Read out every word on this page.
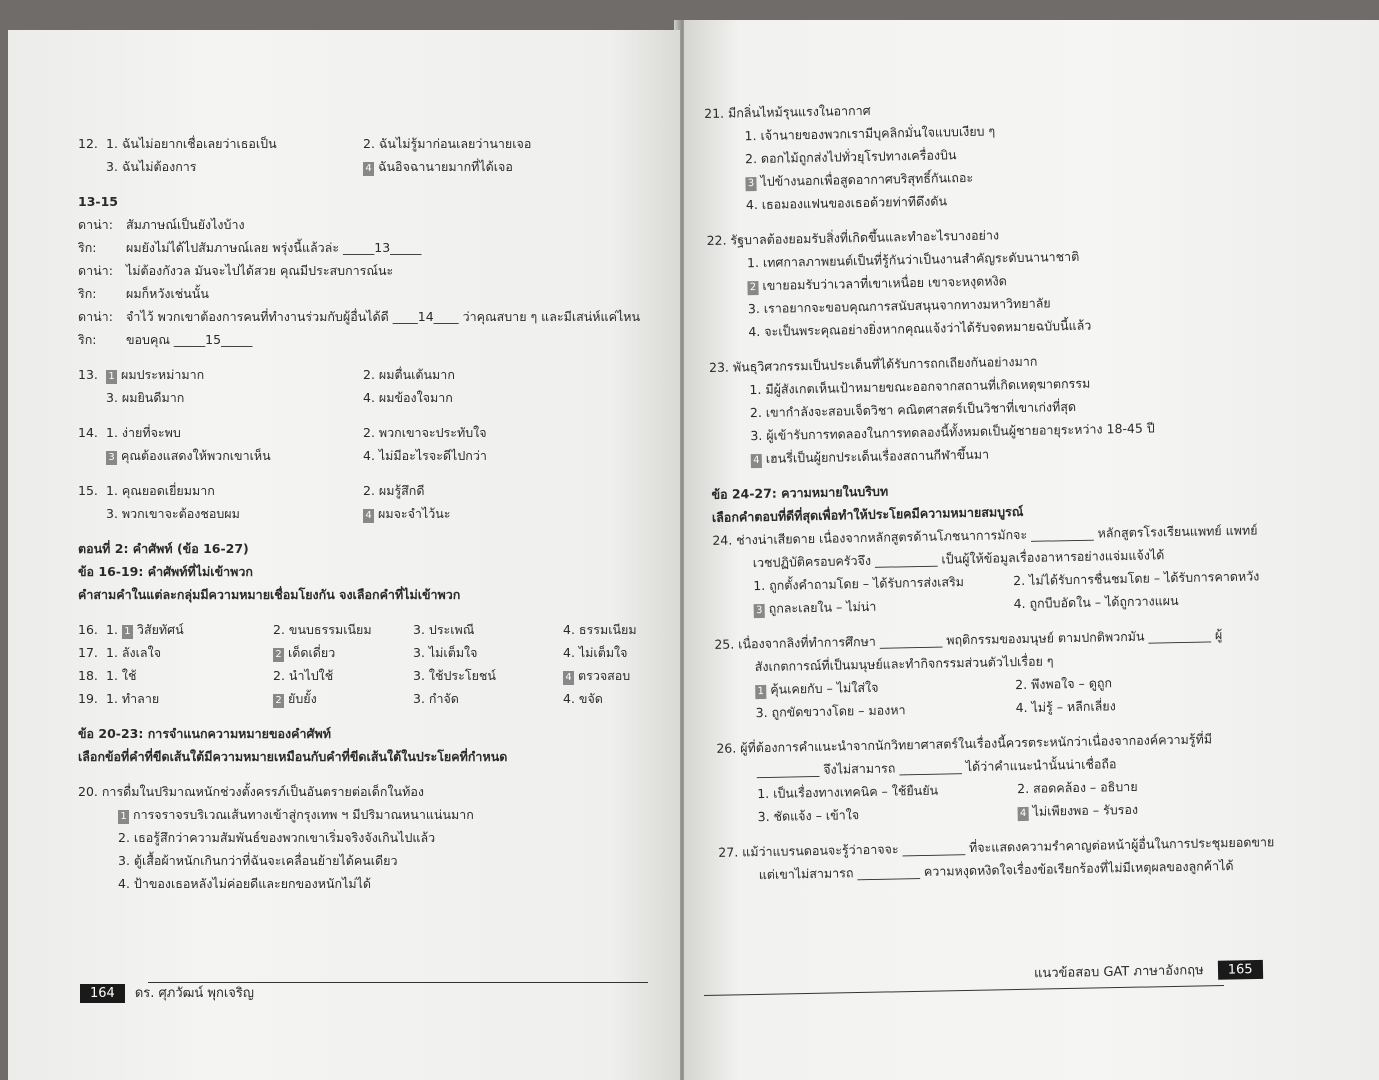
12. 1. ฉันไม่อยากเชื่อเลยว่าเธอเป็น	2. ฉันไม่รู้มาก่อนเลยว่านายเจอ
3. ฉันไม่ต้องการ	4 ฉันอิจฉานายมากที่ได้เจอ
13-15
ดาน่า: สัมภาษณ์เป็นยังไงบ้าง
ริก: ผมยังไม่ได้ไปสัมภาษณ์เลย พรุ่งนี้แล้วล่ะ _____13_____
ดาน่า: ไม่ต้องกังวล มันจะไปได้สวย คุณมีประสบการณ์นะ
ริก: ผมก็หวังเช่นนั้น
ดาน่า: จำไว้ พวกเขาต้องการคนที่ทำงานร่วมกับผู้อื่นได้ดี ____14____ ว่าคุณสบาย ๆ และมีเสน่ห์แค่ไหน
ริก: ขอบคุณ _____15_____
13. 1 ผมประหม่ามาก	2. ผมตื่นเต้นมาก
3. ผมยินดีมาก	4. ผมข้องใจมาก
14. 1. ง่ายที่จะพบ	2. พวกเขาจะประทับใจ
3 คุณต้องแสดงให้พวกเขาเห็น	4. ไม่มีอะไรจะดีไปกว่า
15. 1. คุณยอดเยี่ยมมาก	2. ผมรู้สึกดี
3. พวกเขาจะต้องชอบผม	4 ผมจะจำไว้นะ
ตอนที่ 2: คำศัพท์ (ข้อ 16-27)
ข้อ 16-19: คำศัพท์ที่ไม่เข้าพวก
คำสามคำในแต่ละกลุ่มมีความหมายเชื่อมโยงกัน จงเลือกคำที่ไม่เข้าพวก
16. 1. 1 วิสัยทัศน์	2. ขนบธรรมเนียม	3. ประเพณี	4. ธรรมเนียม
17. 1. ลังเลใจ	2 เด็ดเดี่ยว	3. ไม่เต็มใจ	4. ไม่เต็มใจ
18. 1. ใช้	2. นำไปใช้	3. ใช้ประโยชน์	4 ตรวจสอบ
19. 1. ทำลาย	2 ยับยั้ง	3. กำจัด	4. ขจัด
ข้อ 20-23: การจำแนกความหมายของคำศัพท์
เลือกข้อที่คำที่ขีดเส้นใต้มีความหมายเหมือนกับคำที่ขีดเส้นใต้ในประโยคที่กำหนด
20. การดื่มในปริมาณหนักช่วงตั้งครรภ์เป็นอันตรายต่อเด็กในท้อง
1 การจราจรบริเวณเส้นทางเข้าสู่กรุงเทพ ฯ มีปริมาณหนาแน่นมาก
2. เธอรู้สึกว่าความสัมพันธ์ของพวกเขาเริ่มจริงจังเกินไปแล้ว
3. ตู้เสื้อผ้าหนักเกินกว่าที่ฉันจะเคลื่อนย้ายได้คนเดียว
4. ป้าของเธอหลังไม่ค่อยดีและยกของหนักไม่ได้
164 ดร. ศุภวัฒน์ พุกเจริญ
21. มีกลิ่นไหม้รุนแรงในอากาศ
1. เจ้านายของพวกเรามีบุคลิกมั่นใจแบบเงียบ ๆ
2. ดอกไม้ถูกส่งไปทั่วยุโรปทางเครื่องบิน
3 ไปข้างนอกเพื่อสูดอากาศบริสุทธิ์กันเถอะ
4. เธอมองแฟนของเธอด้วยท่าทีดึงดัน
22. รัฐบาลต้องยอมรับสิ่งที่เกิดขึ้นและทำอะไรบางอย่าง
1. เทศกาลภาพยนต์เป็นที่รู้กันว่าเป็นงานสำคัญระดับนานาชาติ
2 เขายอมรับว่าเวลาที่เขาเหนื่อย เขาจะหงุดหงิด
3. เราอยากจะขอบคุณการสนับสนุนจากทางมหาวิทยาลัย
4. จะเป็นพระคุณอย่างยิ่งหากคุณแจ้งว่าได้รับจดหมายฉบับนี้แล้ว
23. พันธุวิศวกรรมเป็นประเด็นที่ได้รับการถกเถียงกันอย่างมาก
1. มีผู้สังเกตเห็นเป้าหมายขณะออกจากสถานที่เกิดเหตุฆาตกรรม
2. เขากำลังจะสอบเจ็ดวิชา คณิตศาสตร์เป็นวิชาที่เขาเก่งที่สุด
3. ผู้เข้ารับการทดลองในการทดลองนี้ทั้งหมดเป็นผู้ชายอายุระหว่าง 18-45 ปี
4 เฮนรี่เป็นผู้ยกประเด็นเรื่องสถานกีฬาขึ้นมา
ข้อ 24-27: ความหมายในบริบท
เลือกคำตอบที่ดีที่สุดเพื่อทำให้ประโยคมีความหมายสมบูรณ์
24. ช่างน่าเสียดาย เนื่องจากหลักสูตรด้านโภชนาการมักจะ __________ หลักสูตรโรงเรียนแพทย์ แพทย์
เวชปฏิบัติครอบครัวจึง __________ เป็นผู้ให้ข้อมูลเรื่องอาหารอย่างแจ่มแจ้งได้
1. ถูกตั้งคำถามโดย – ได้รับการส่งเสริม	2. ไม่ได้รับการชื่นชมโดย – ได้รับการคาดหวัง
3 ถูกละเลยใน – ไม่น่า	4. ถูกบีบอัดใน – ได้ถูกวางแผน
25. เนื่องจากลิงที่ทำการศึกษา __________ พฤติกรรมของมนุษย์ ตามปกติพวกมัน __________ ผู้
สังเกตการณ์ที่เป็นมนุษย์และทำกิจกรรมส่วนตัวไปเรื่อย ๆ
1 คุ้นเคยกับ – ไม่ใส่ใจ	2. พึงพอใจ – ดูถูก
3. ถูกขัดขวางโดย – มองหา	4. ไม่รู้ – หลีกเลี่ยง
26. ผู้ที่ต้องการคำแนะนำจากนักวิทยาศาสตร์ในเรื่องนี้ควรตระหนักว่าเนื่องจากองค์ความรู้ที่มี
__________ จึงไม่สามารถ __________ ได้ว่าคำแนะนำนั้นน่าเชื่อถือ
1. เป็นเรื่องทางเทคนิค – ใช้ยืนยัน	2. สอดคล้อง – อธิบาย
3. ชัดแจ้ง – เข้าใจ	4 ไม่เพียงพอ – รับรอง
27. แม้ว่าแบรนดอนจะรู้ว่าอาจจะ __________ ที่จะแสดงความรำคาญต่อหน้าผู้อื่นในการประชุมยอดขาย
แต่เขาไม่สามารถ __________ ความหงุดหงิดใจเรื่องข้อเรียกร้องที่ไม่มีเหตุผลของลูกค้าได้
แนวข้อสอบ GAT ภาษาอังกฤษ 165
